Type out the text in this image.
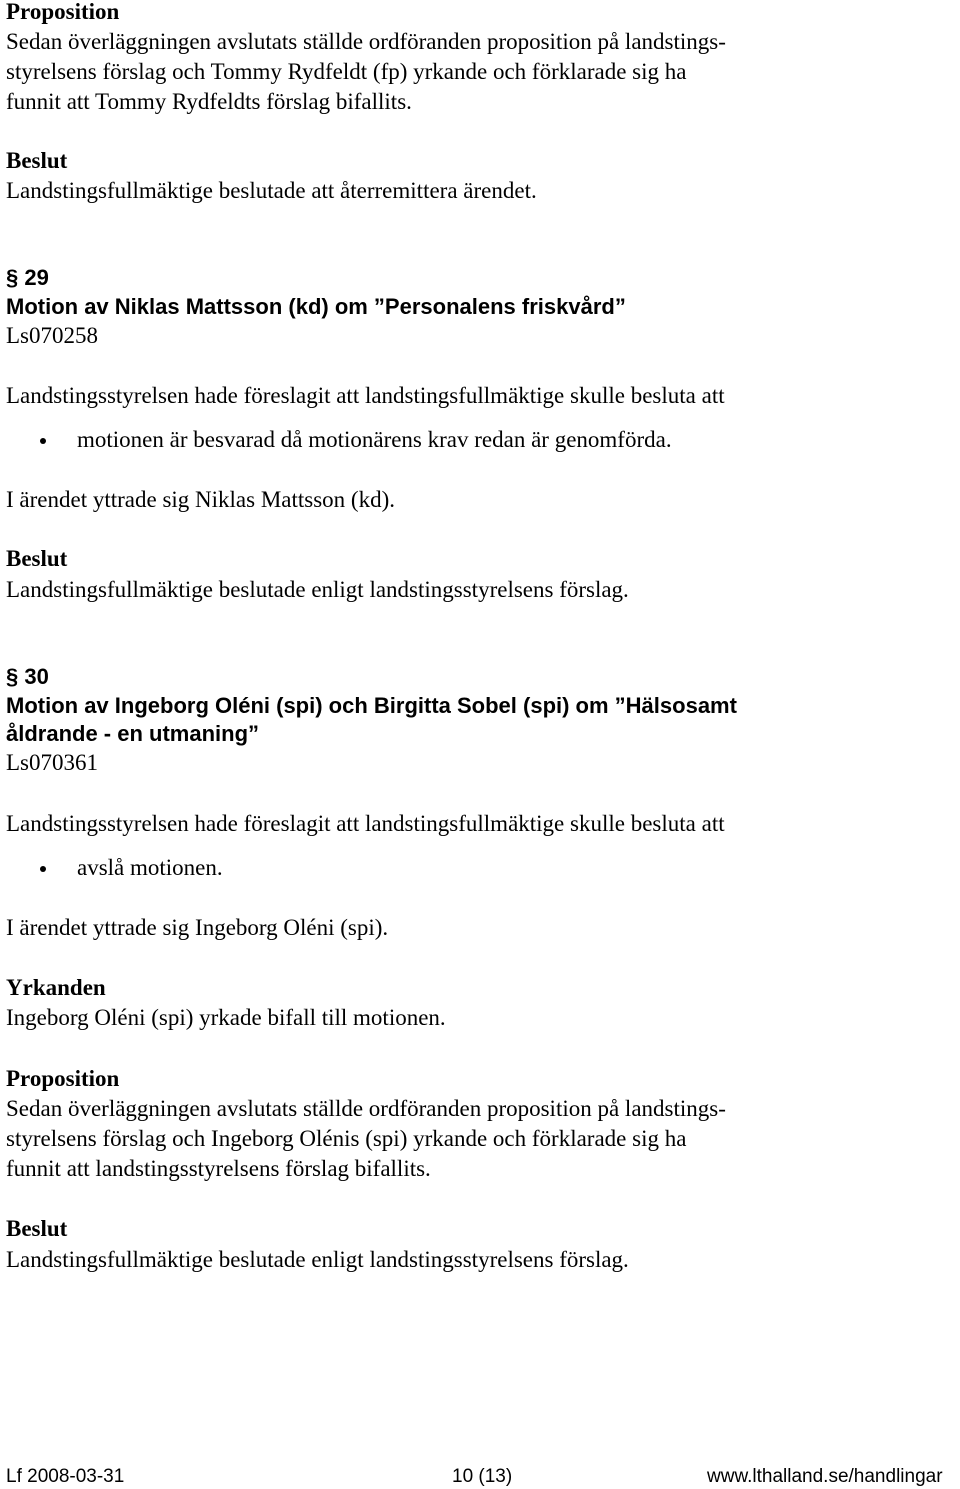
Proposition
Sedan överläggningen avslutats ställde ordföranden proposition på landstings-
styrelsens förslag och Tommy Rydfeldt (fp) yrkande och förklarade sig ha
funnit att Tommy Rydfeldts förslag bifallits.
Beslut
Landstingsfullmäktige beslutade att återremittera ärendet.
§ 29
Motion av Niklas Mattsson (kd) om ”Personalens friskvård”
Ls070258
Landstingsstyrelsen hade föreslagit att landstingsfullmäktige skulle besluta att
motionen är besvarad då motionärens krav redan är genomförda.
I ärendet yttrade sig Niklas Mattsson (kd).
Beslut
Landstingsfullmäktige beslutade enligt landstingsstyrelsens förslag.
§ 30
Motion av Ingeborg Oléni (spi) och Birgitta Sobel (spi) om ”Hälsosamt
åldrande - en utmaning”
Ls070361
Landstingsstyrelsen hade föreslagit att landstingsfullmäktige skulle besluta att
avslå motionen.
I ärendet yttrade sig Ingeborg Oléni (spi).
Yrkanden
Ingeborg Oléni (spi) yrkade bifall till motionen.
Proposition
Sedan överläggningen avslutats ställde ordföranden proposition på landstings-
styrelsens förslag och Ingeborg Olénis (spi) yrkande och förklarade sig ha
funnit att landstingsstyrelsens förslag bifallits.
Beslut
Landstingsfullmäktige beslutade enligt landstingsstyrelsens förslag.
Lf 2008-03-31	10 (13)	www.lthalland.se/handlingar
